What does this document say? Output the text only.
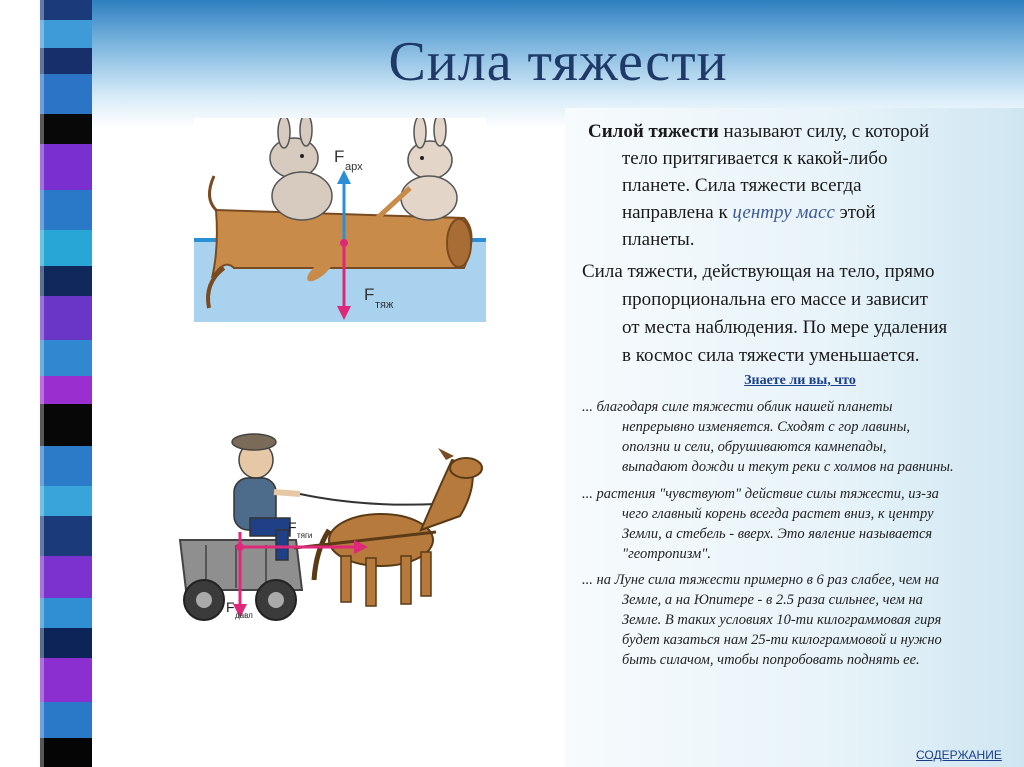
Сила тяжести
Силой тяжести называют силу, с которой
тело притягивается к какой-либо
планете. Сила тяжести всегда
направлена к центру масс этой
планеты.
Сила тяжести, действующая на тело, прямо
пропорциональна его массе и зависит
от места наблюдения. По мере удаления
в космос сила тяжести уменьшается.
Знаете ли вы, что
... благодаря силе тяжести облик нашей планеты
непрерывно изменяется. Сходят с гор лавины,
оползни и сели, обрушиваются камнепады,
выпадают дожди и текут реки с холмов на равнины.
... растения "чувствуют" действие силы тяжести, из-за
чего главный корень всегда растет вниз, к центру
Земли, а стебель - вверх. Это явление называется
"геотропизм".
... на Луне сила тяжести примерно в 6 раз слабее, чем на
Земле, а на Юпитере - в 2.5 раза сильнее, чем на
Земле. В таких условиях 10-ти килограммовая гиря
будет казаться нам 25-ти килограммовой и нужно
быть силачом, чтобы попробовать поднять ее.
F
арх
F
тяж
F
тяги
F
давл
СОДЕРЖАНИЕ
